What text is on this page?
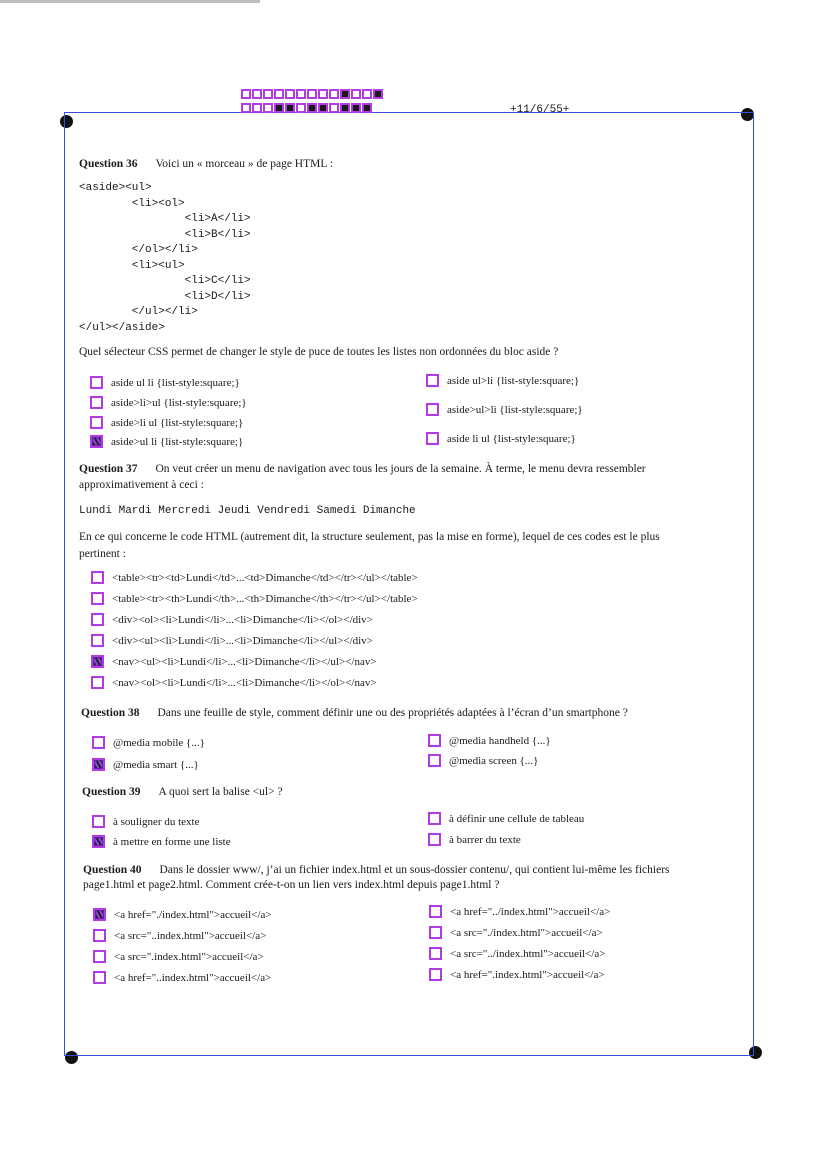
+11/6/55+
Question 36 Voici un « morceau » de page HTML :
<aside><ul>
<li><ol>
<li>A</li>
<li>B</li>
</ol></li>
<li><ul>
<li>C</li>
<li>D</li>
</ul></li>
</ul></aside>
Quel sélecteur CSS permet de changer le style de puce de toutes les listes non ordonnées du bloc aside ?
aside ul li {list-style:square;}
aside>li>ul {list-style:square;}
aside>li ul {list-style:square;}
aside>ul li {list-style:square;}
aside ul>li {list-style:square;}
aside>ul>li {list-style:square;}
aside li ul {list-style:square;}
Question 37 On veut créer un menu de navigation avec tous les jours de la semaine. À terme, le menu devra ressembler
approximativement à ceci :
Lundi Mardi Mercredi Jeudi Vendredi Samedi Dimanche
En ce qui concerne le code HTML (autrement dit, la structure seulement, pas la mise en forme), lequel de ces codes est le plus
pertinent :
<table><tr><td>Lundi</td>...<td>Dimanche</td></tr></ul></table>
<table><tr><th>Lundi</th>...<th>Dimanche</th></tr></ul></table>
<div><ol><li>Lundi</li>...<li>Dimanche</li></ol></div>
<div><ul><li>Lundi</li>...<li>Dimanche</li></ul></div>
<nav><ul><li>Lundi</li>...<li>Dimanche</li></ul></nav>
<nav><ol><li>Lundi</li>...<li>Dimanche</li></ol></nav>
Question 38 Dans une feuille de style, comment définir une ou des propriétés adaptées à l’écran d’un smartphone ?
@media mobile {...}
@media smart {...}
@media handheld {...}
@media screen {...}
Question 39 A quoi sert la balise <ul> ?
à souligner du texte
à mettre en forme une liste
à définir une cellule de tableau
à barrer du texte
Question 40 Dans le dossier www/, j’ai un fichier index.html et un sous-dossier contenu/, qui contient lui-même les fichiers
page1.html et page2.html. Comment crée-t-on un lien vers index.html depuis page1.html ?
<a href="./index.html">accueil</a>
<a src="..index.html">accueil</a>
<a src=".index.html">accueil</a>
<a href="..index.html">accueil</a>
<a href="../index.html">accueil</a>
<a src="./index.html">accueil</a>
<a src="../index.html">accueil</a>
<a href=".index.html">accueil</a>
